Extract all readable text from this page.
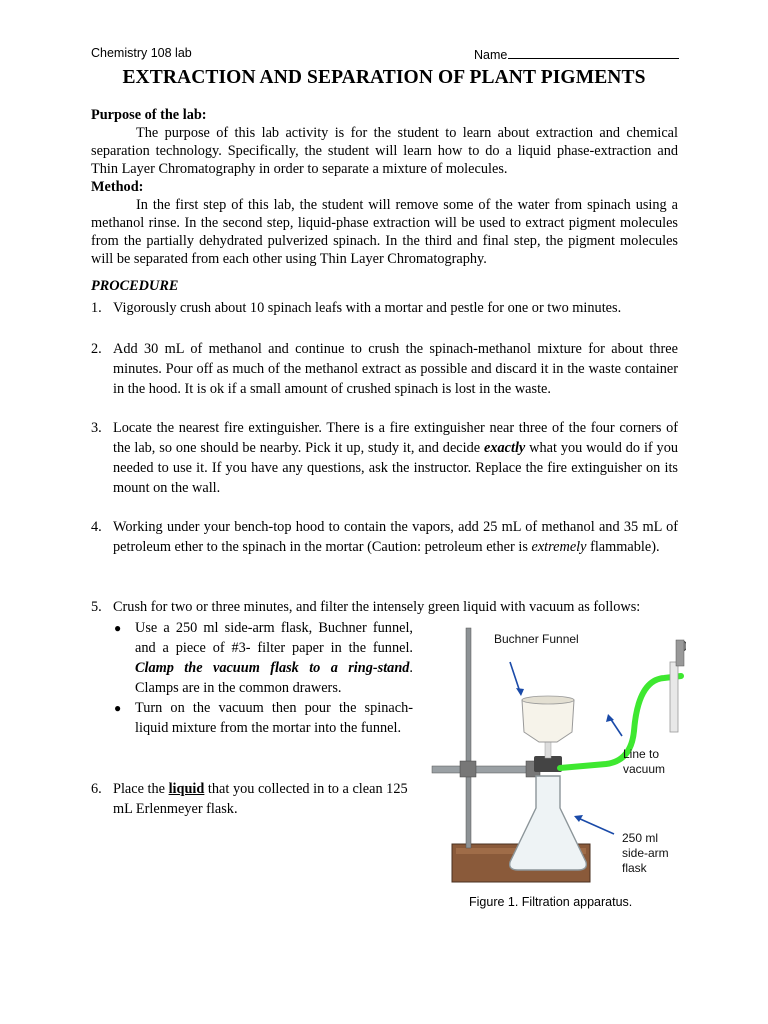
Chemistry 108 lab	Name
EXTRACTION AND SEPARATION OF PLANT PIGMENTS
Purpose of the lab:
The purpose of this lab activity is for the student to learn about extraction and chemical separation technology. Specifically, the student will learn how to do a liquid phase-extraction and Thin Layer Chromatography in order to separate a mixture of molecules.
Method:
In the first step of this lab, the student will remove some of the water from spinach using a methanol rinse. In the second step, liquid-phase extraction will be used to extract pigment molecules from the partially dehydrated pulverized spinach. In the third and final step, the pigment molecules will be separated from each other using Thin Layer Chromatography.
PROCEDURE
1. Vigorously crush about 10 spinach leafs with a mortar and pestle for one or two minutes.
2. Add 30 mL of methanol and continue to crush the spinach-methanol mixture for about three minutes. Pour off as much of the methanol extract as possible and discard it in the waste container in the hood. It is ok if a small amount of crushed spinach is lost in the waste.
3. Locate the nearest fire extinguisher. There is a fire extinguisher near three of the four corners of the lab, so one should be nearby. Pick it up, study it, and decide exactly what you would do if you needed to use it. If you have any questions, ask the instructor. Replace the fire extinguisher on its mount on the wall.
4. Working under your bench-top hood to contain the vapors, add 25 mL of methanol and 35 mL of petroleum ether to the spinach in the mortar (Caution: petroleum ether is extremely flammable).
5. Crush for two or three minutes, and filter the intensely green liquid with vacuum as follows:
● Use a 250 ml side-arm flask, Buchner funnel, and a piece of #3- filter paper in the funnel. Clamp the vacuum flask to a ring-stand. Clamps are in the common drawers.
● Turn on the vacuum then pour the spinach-liquid mixture from the mortar into the funnel.
6. Place the liquid that you collected in to a clean 125 mL Erlenmeyer flask.
Buchner Funnel
Line to
vacuum
250 ml
side-arm
flask
Figure 1. Filtration apparatus.
